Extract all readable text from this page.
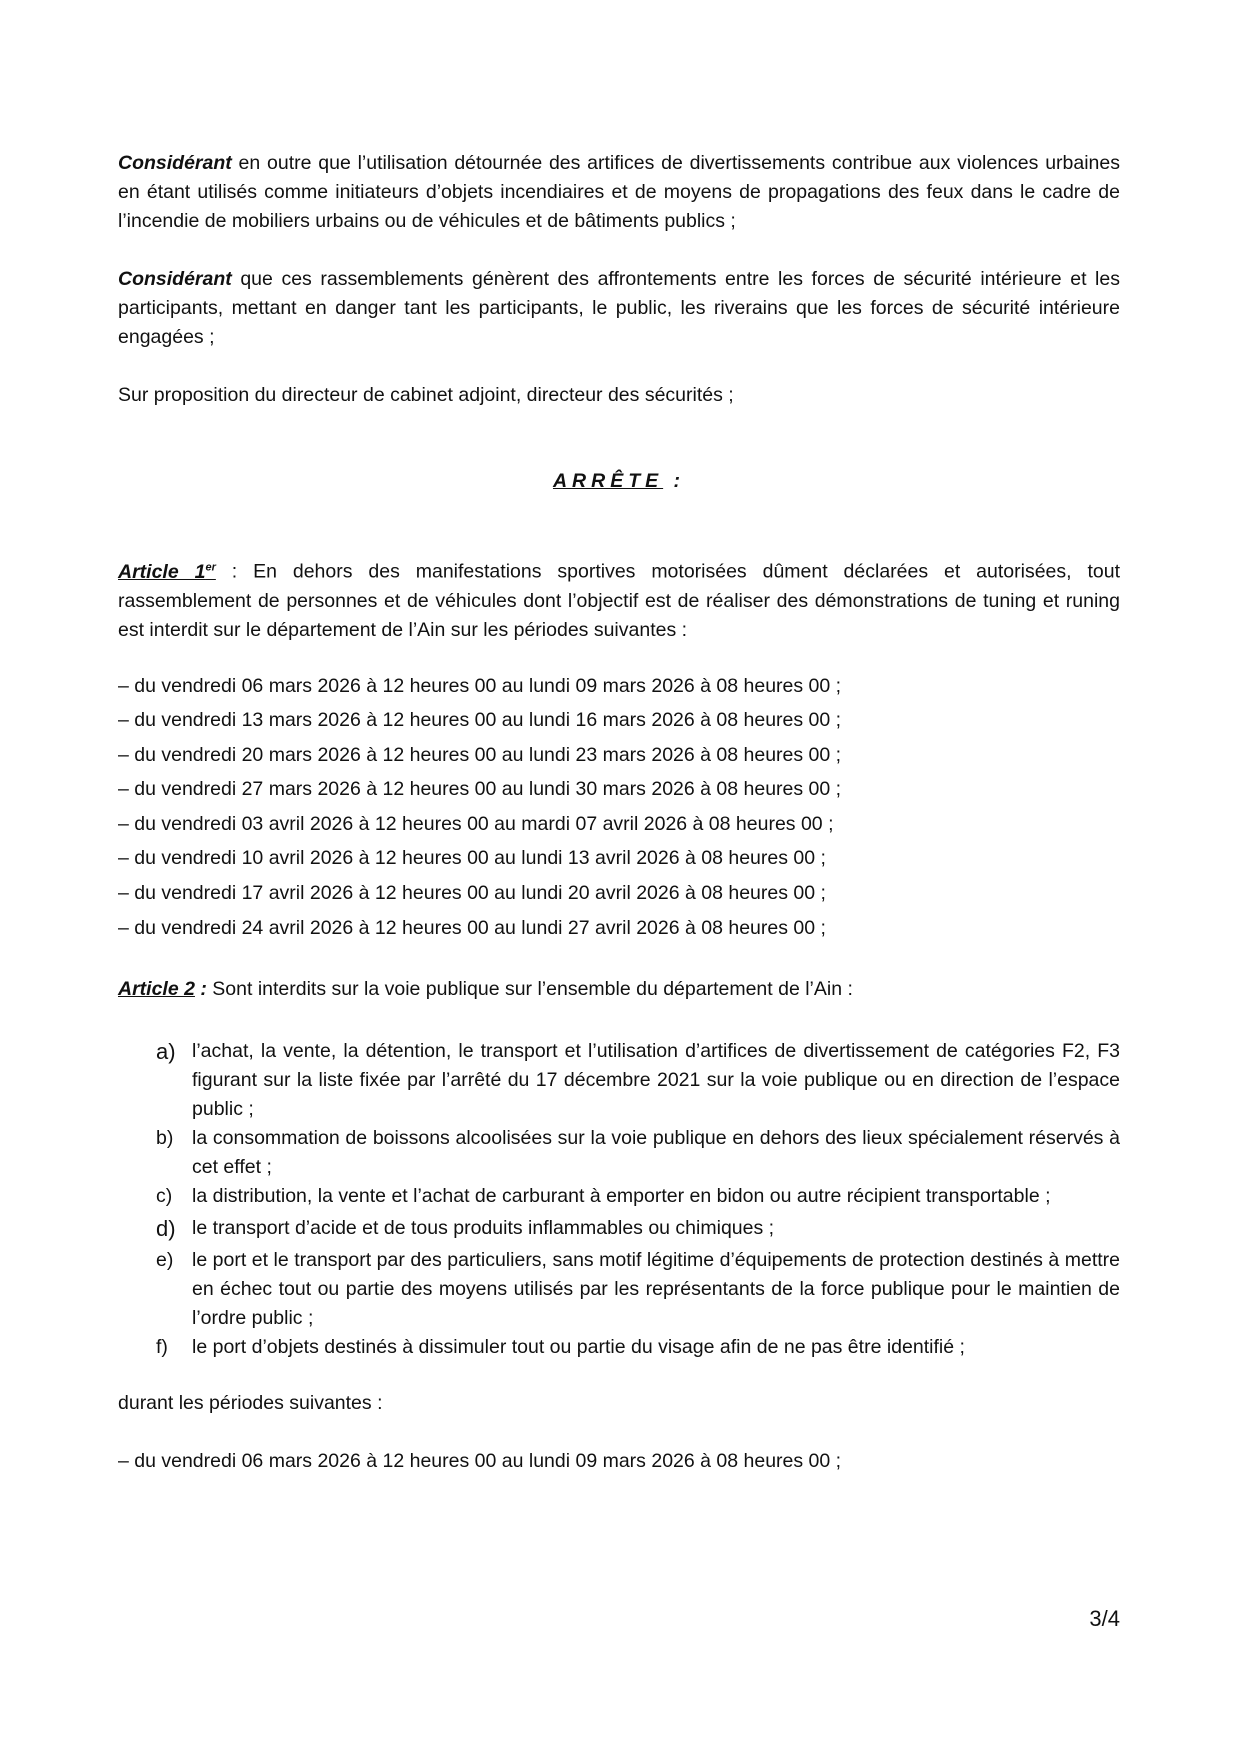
Considérant en outre que l’utilisation détournée des artifices de divertissements contribue aux violences urbaines en étant utilisés comme initiateurs d’objets incendiaires et de moyens de propagations des feux dans le cadre de l’incendie de mobiliers urbains ou de véhicules et de bâtiments publics ;

Considérant que ces rassemblements génèrent des affrontements entre les forces de sécurité intérieure et les participants, mettant en danger tant les participants, le public, les riverains que les forces de sécurité intérieure engagées ;

Sur proposition du directeur de cabinet adjoint, directeur des sécurités ;

ARRÊTE :

Article 1er : En dehors des manifestations sportives motorisées dûment déclarées et autorisées, tout rassemblement de personnes et de véhicules dont l’objectif est de réaliser des démonstrations de tuning et runing est interdit sur le département de l’Ain sur les périodes suivantes :

– du vendredi 06 mars 2026 à 12 heures 00 au lundi 09 mars 2026 à 08 heures 00 ;
– du vendredi 13 mars 2026 à 12 heures 00 au lundi 16 mars 2026 à 08 heures 00 ;
– du vendredi 20 mars 2026 à 12 heures 00 au lundi 23 mars 2026 à 08 heures 00 ;
– du vendredi 27 mars 2026 à 12 heures 00 au lundi 30 mars 2026 à 08 heures 00 ;
– du vendredi 03 avril 2026 à 12 heures 00 au mardi 07 avril 2026 à 08 heures 00 ;
– du vendredi 10 avril 2026 à 12 heures 00 au lundi 13 avril 2026 à 08 heures 00 ;
– du vendredi 17 avril 2026 à 12 heures 00 au lundi 20 avril 2026 à 08 heures 00 ;
– du vendredi 24 avril 2026 à 12 heures 00 au lundi 27 avril 2026 à 08 heures 00 ;

Article 2 : Sont interdits sur la voie publique sur l’ensemble du département de l’Ain :

a) l’achat, la vente, la détention, le transport et l’utilisation d’artifices de divertissement de catégories F2, F3 figurant sur la liste fixée par l’arrêté du 17 décembre 2021 sur la voie publique ou en direction de l’espace public ;
b) la consommation de boissons alcoolisées sur la voie publique en dehors des lieux spécialement réservés à cet effet ;
c) la distribution, la vente et l’achat de carburant à emporter en bidon ou autre récipient transportable ;
d) le transport d’acide et de tous produits inflammables ou chimiques ;
e) le port et le transport par des particuliers, sans motif légitime d’équipements de protection destinés à mettre en échec tout ou partie des moyens utilisés par les représentants de la force publique pour le maintien de l’ordre public ;
f) le port d’objets destinés à dissimuler tout ou partie du visage afin de ne pas être identifié ;

durant les périodes suivantes :

– du vendredi 06 mars 2026 à 12 heures 00 au lundi 09 mars 2026 à 08 heures 00 ;

3/4
